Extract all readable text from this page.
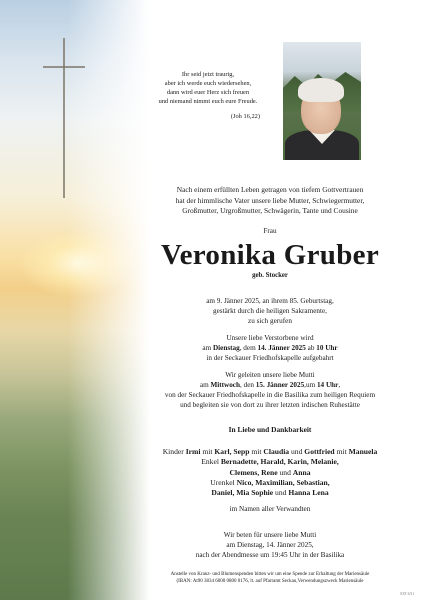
Ihr seid jetzt traurig,
aber ich werde euch wiedersehen,
dann wird euer Herz sich freuen
und niemand nimmt euch eure Freude.
(Joh 16,22)
Nach einem erfüllten Leben getragen von tiefem Gottvertrauen
hat der himmlische Vater unsere liebe Mutter, Schwiegermutter,
Großmutter, Urgroßmutter, Schwägerin, Tante und Cousine
Frau
Veronika Gruber
geb. Stocker
am 9. Jänner 2025, an ihrem 85. Geburtstag,
gestärkt durch die heiligen Sakramente,
zu sich gerufen
Unsere liebe Verstorbene wird
am Dienstag, dem 14. Jänner 2025 ab 10 Uhr
in der Seckauer Friedhofskapelle aufgebahrt
Wir geleiten unsere liebe Mutti
am Mittwoch, den 15. Jänner 2025,um 14 Uhr,
von der Seckauer Friedhofskapelle in die Basilika zum heiligen Requiem
und begleiten sie von dort zu ihrer letzten irdischen Ruhestätte
In Liebe und Dankbarkeit
Kinder Irmi mit Karl, Sepp mit Claudia und Gottfried mit Manuela
Enkel Bernadette, Harald, Karin, Melanie,
Clemens, Rene und Anna
Urenkel Nico, Maximilian, Sebastian,
Daniel, Mia Sophie und Hanna Lena
im Namen aller Verwandten
Wir beten für unsere liebe Mutti
am Dienstag, 14. Jänner 2025,
nach der Abendmesse um 19:45 Uhr in der Basilika
Anstelle von Kranz- und Blumenspenden bitten wir um eine Spende zur Erhaltung der Mariensäule
(IBAN: At90 3834 6000 0800 0176, lt. auf Pfarramt Seckau,Verwendungszweck Mariensäule
EST 6/31
